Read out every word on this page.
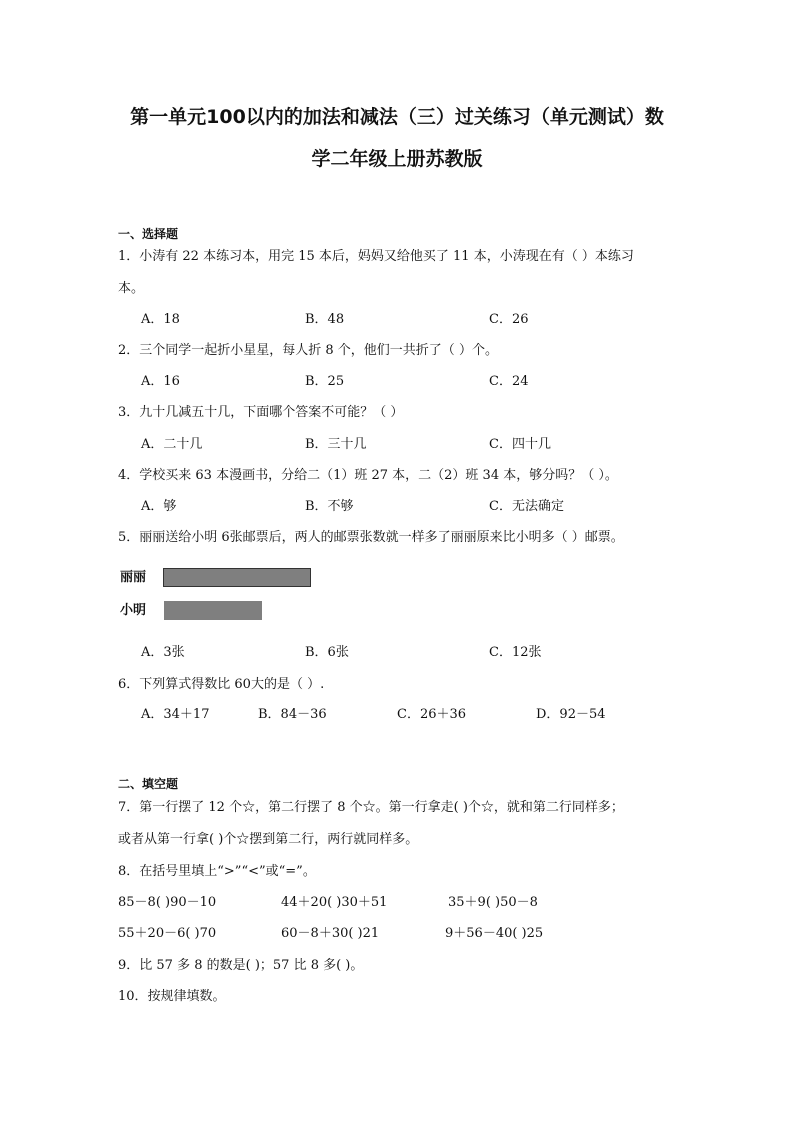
第一单元100以内的加法和减法（三）过关练习（单元测试）数
学二年级上册苏教版
一、选择题
1．小涛有 22 本练习本，用完 15 本后，妈妈又给他买了 11 本，小涛现在有（ ）本练习
本。
A．18	B．48	C．26
2．三个同学一起折小星星，每人折 8 个，他们一共折了（ ）个。
A．16	B．25	C．24
3．九十几减五十几，下面哪个答案不可能？（ ）
A．二十几	B．三十几	C．四十几
4．学校买来 63 本漫画书，分给二（1）班 27 本，二（2）班 34 本，够分吗？（ ）。
A．够	B．不够	C．无法确定
5．丽丽送给小明 6张邮票后，两人的邮票张数就一样多了丽丽原来比小明多（ ）邮票。
丽丽
小明
A．3张	B．6张	C．12张
6．下列算式得数比 60大的是（ ）.
A．34＋17	B．84－36	C．26＋36	D．92－54
二、填空题
7．第一行摆了 12 个☆，第二行摆了 8 个☆。第一行拿走( )个☆，就和第二行同样多；
或者从第一行拿( )个☆摆到第二行，两行就同样多。
8．在括号里填上“>”“<”或“=”。
85－8( )90－10	44＋20( )30＋51	35＋9( )50－8
55＋20－6( )70	60－8＋30( )21	9＋56－40( )25
9．比 57 多 8 的数是( )；57 比 8 多( )。
10．按规律填数。
